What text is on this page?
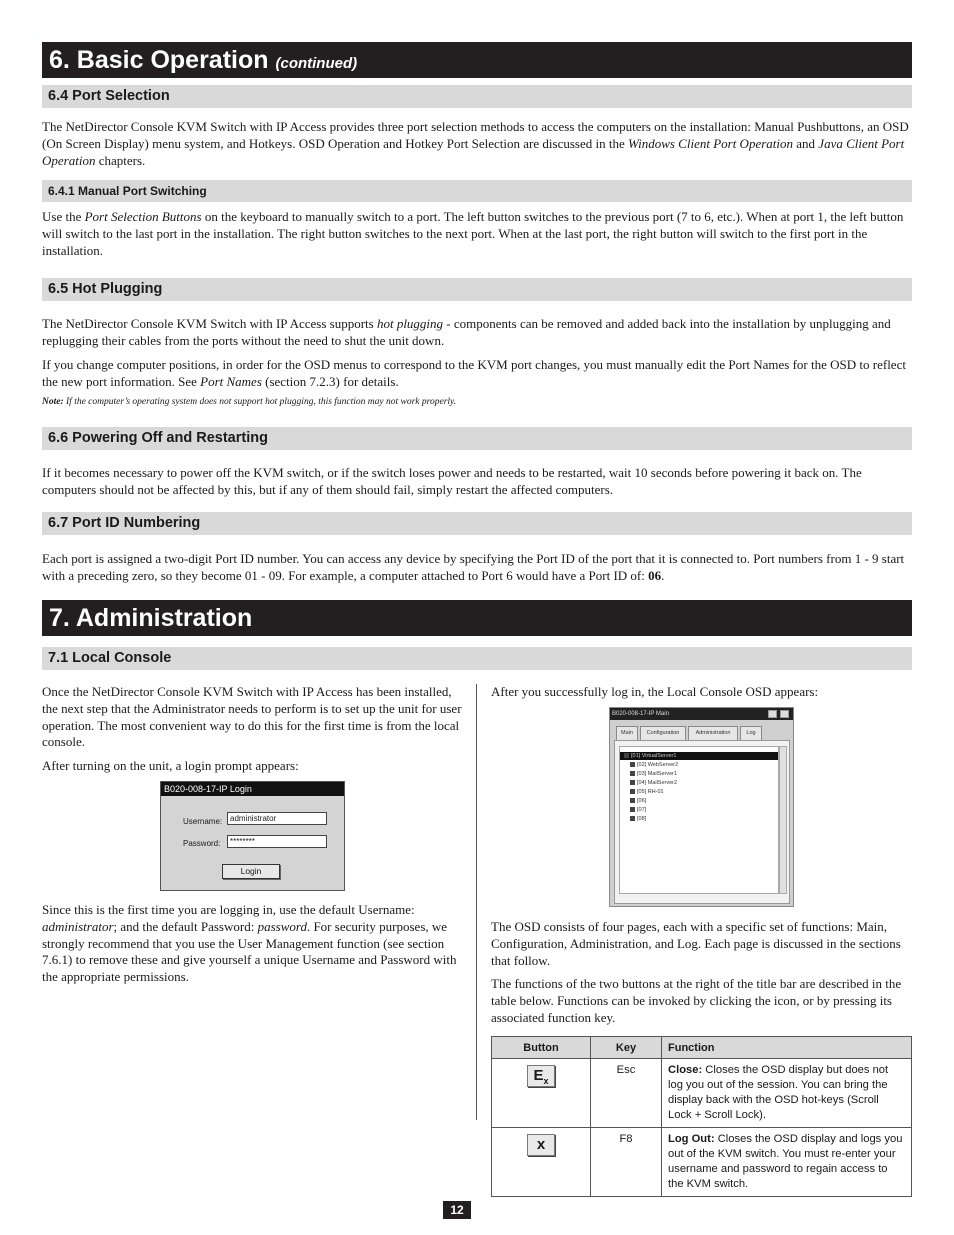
6. Basic Operation (continued)
6.4 Port Selection
The NetDirector Console KVM Switch with IP Access provides three port selection methods to access the computers on the installation: Manual Pushbuttons, an OSD (On Screen Display) menu system, and Hotkeys. OSD Operation and Hotkey Port Selection are discussed in the Windows Client Port Operation and Java Client Port Operation chapters.
6.4.1 Manual Port Switching
Use the Port Selection Buttons on the keyboard to manually switch to a port. The left button switches to the previous port (7 to 6, etc.). When at port 1, the left button will switch to the last port in the installation. The right button switches to the next port. When at the last port, the right button will switch to the first port in the installation.
6.5 Hot Plugging
The NetDirector Console KVM Switch with IP Access supports hot plugging - components can be removed and added back into the installation by unplugging and replugging their cables from the ports without the need to shut the unit down.
If you change computer positions, in order for the OSD menus to correspond to the KVM port changes, you must manually edit the Port Names for the OSD to reflect the new port information. See Port Names (section 7.2.3) for details.
Note: If the computer’s operating system does not support hot plugging, this function may not work properly.
6.6 Powering Off and Restarting
If it becomes necessary to power off the KVM switch, or if the switch loses power and needs to be restarted, wait 10 seconds before powering it back on. The computers should not be affected by this, but if any of them should fail, simply restart the affected computers.
6.7 Port ID Numbering
Each port is assigned a two-digit Port ID number. You can access any device by specifying the Port ID of the port that it is connected to. Port numbers from 1 - 9 start with a preceding zero, so they become 01 - 09. For example, a computer attached to Port 6 would have a Port ID of: 06.
7. Administration
7.1 Local Console
Once the NetDirector Console KVM Switch with IP Access has been installed, the next step that the Administrator needs to perform is to set up the unit for user operation. The most convenient way to do this for the first time is from the local console.
After turning on the unit, a login prompt appears:
B020-008-17-IP Login
Username: administrator
Password:	********
Login
Since this is the first time you are logging in, use the default Username: administrator; and the default Password: password. For security purposes, we strongly recommend that you use the User Management function (see section 7.6.1) to remove these and give yourself a unique Username and Password with the appropriate permissions.
After you successfully log in, the Local Console OSD appears:
B020-008-17-IP Main
Main	Configuration	Administration	Log
[01] VirtualServer1
[02] WebServer2
[03] MailServer1
[04] MailServer2
[05] RH-01
[06]
[07]
[08]
The OSD consists of four pages, each with a specific set of functions: Main, Configuration, Administration, and Log. Each page is discussed in the sections that follow.
The functions of the two buttons at the right of the title bar are described in the table below. Functions can be invoked by clicking the icon, or by pressing its associated function key.
Button	Key	Function
$E_x$	Esc	Close: Closes the OSD display but does not log you out of the session. You can bring the display back with the OSD hot-keys (Scroll Lock + Scroll Lock).
x	F8	Log Out: Closes the OSD display and logs you out of the KVM switch. You must re-enter your username and password to regain access to the KVM switch.
12
